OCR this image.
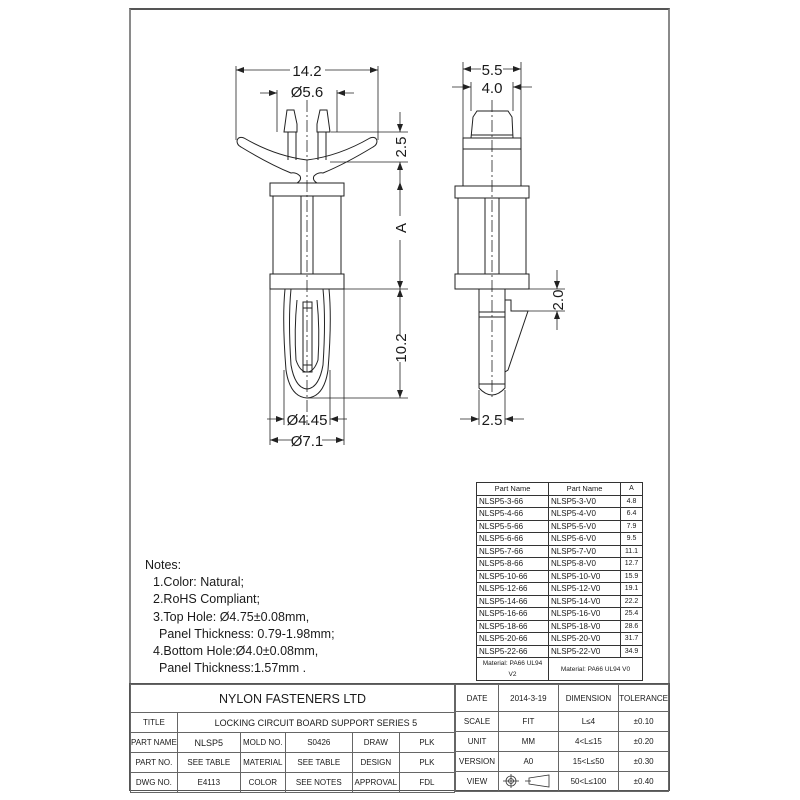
14.2
Ø5.6
2.5
A
10.2
Ø4.45
Ø7.1
5.5
4.0
2.0
2.5
Part Name	Part Name	A
NLSP5-3-66	NLSP5-3-V0	4.8
NLSP5-4-66	NLSP5-4-V0	6.4
NLSP5-5-66	NLSP5-5-V0	7.9
NLSP5-6-66	NLSP5-6-V0	9.5
NLSP5-7-66	NLSP5-7-V0	11.1
NLSP5-8-66	NLSP5-8-V0	12.7
NLSP5-10-66	NLSP5-10-V0	15.9
NLSP5-12-66	NLSP5-12-V0	19.1
NLSP5-14-66	NLSP5-14-V0	22.2
NLSP5-16-66	NLSP5-16-V0	25.4
NLSP5-18-66	NLSP5-18-V0	28.6
NLSP5-20-66	NLSP5-20-V0	31.7
NLSP5-22-66	NLSP5-22-V0	34.9
Material: PA66 UL94 V2	Material: PA66 UL94 V0	
Notes:
1.Color: Natural;
2.RoHS Compliant;
3.Top Hole: Ø4.75±0.08mm,
Panel Thickness: 0.79-1.98mm;
4.Bottom Hole:Ø4.0±0.08mm,
Panel Thickness:1.57mm .
NYLON FASTENERS LTD					
TITLE	LOCKING CIRCUIT BOARD SUPPORT SERIES 5				
PART NAME	NLSP5	MOLD NO.	S0426	DRAW	PLK
PART NO.	SEE TABLE	MATERIAL	SEE TABLE	DESIGN	PLK
DWG NO.	E4113	COLOR	SEE NOTES	APPROVAL	FDL
DATE	2014-3-19	DIMENSION	TOLERANCE
SCALE	FIT	L≤4	±0.10
UNIT	MM	4<L≤15	±0.20
VERSION	A0	15<L≤50	±0.30
VIEW		50<L≤100	±0.40
